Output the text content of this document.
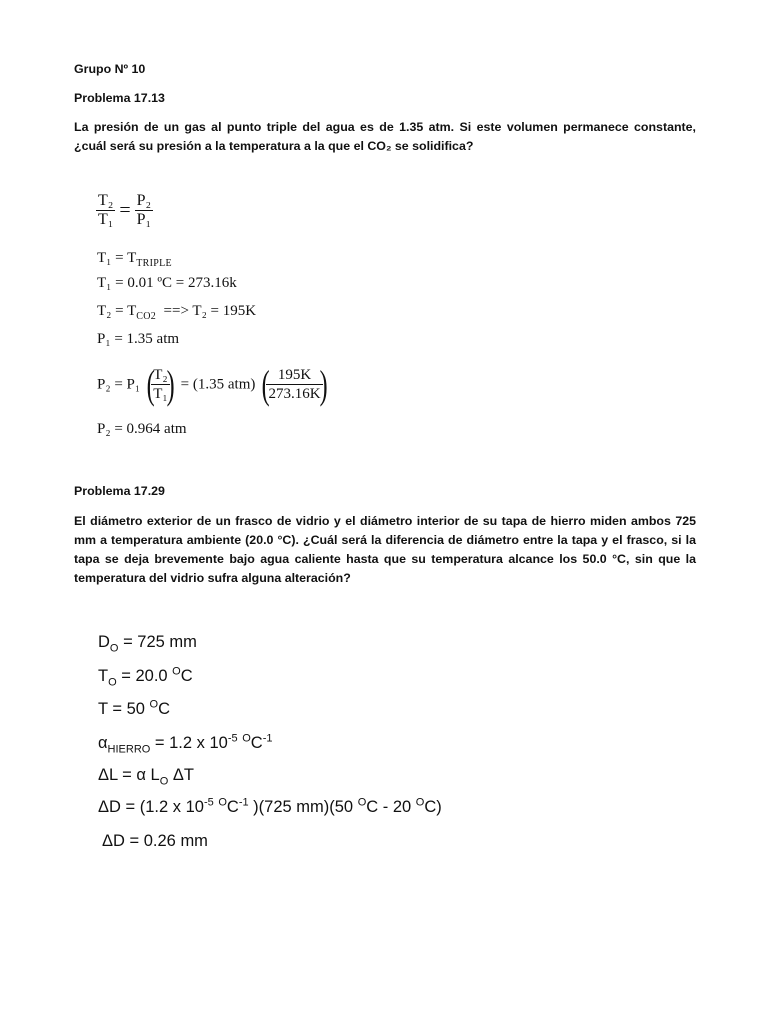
Grupo Nº 10
Problema 17.13
La presión de un gas al punto triple del agua es de 1.35 atm. Si este volumen permanece constante, ¿cuál será su presión a la temperatura a la que el CO₂ se solidifica?
$\frac{\text{T₂}}{\text{T₁}} = \frac{\text{P₂}}{\text{P₁}}$
$T_1 = T_{TRIPLE}$
T₁ = 0.01 ºC = 273.16k
$T_2 = T_{CO2}$  ==> T₂ = 195K
P₁ = 1.35 atm
P₂ = P₁ (
$\frac{\text{T₂}}{\text{T₁}}$
) = (1.35 atm) (
$\frac{195K}{273.16K}$
)
P₂ = 0.964 atm
Problema 17.29
El diámetro exterior de un frasco de vidrio y el diámetro interior de su tapa de hierro miden ambos 725 mm a temperatura ambiente (20.0 °C). ¿Cuál será la diferencia de diámetro entre la tapa y el frasco, si la tapa se deja brevemente bajo agua caliente hasta que su temperatura alcance los 50.0 °C, sin que la temperatura del vidrio sufra alguna alteración?
$D_O = 725$ mm
$T_O = 20.0$ $^O$C
T = 50 $^O$C
$\alpha_{HIERRO} = 1.2$ x $10^{-5}$ $^OC^{-1}$
ΔL = α $L_O$ ΔT
ΔD = (1.2 x $10^{-5}$ $^OC^{-1}$ )(725 mm)(50 $^O$C - 20 $^O$C)
ΔD = 0.26 mm
